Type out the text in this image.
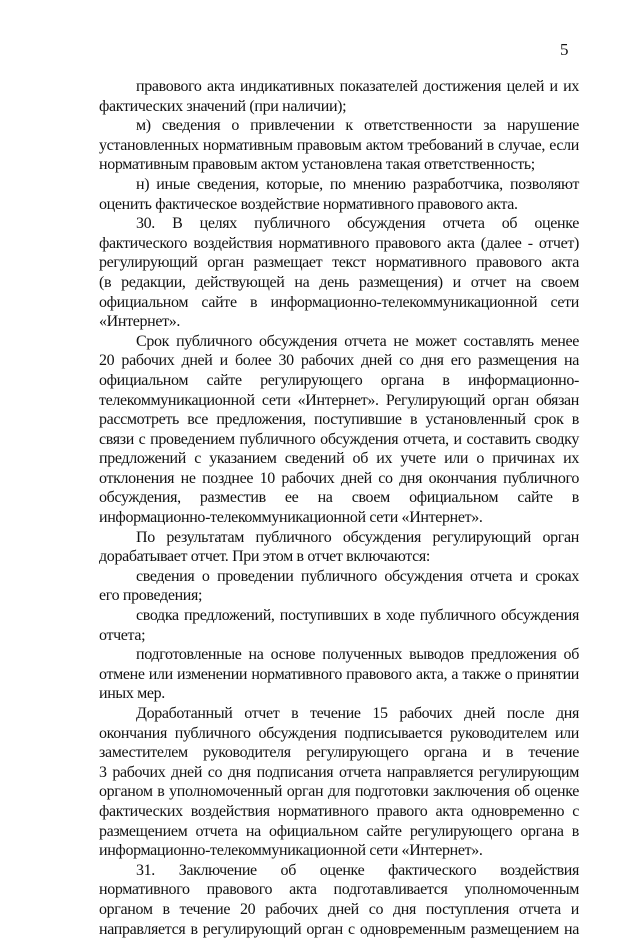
5
правового акта индикативных показателей достижения целей и их
фактических значений (при наличии);
м) сведения о привлечении к ответственности за нарушение
установленных нормативным правовым актом требований в случае, если
нормативным правовым актом установлена такая ответственность;
н) иные сведения, которые, по мнению разработчика, позволяют
оценить фактическое воздействие нормативного правового акта.
30. В целях публичного обсуждения отчета об оценке
фактического воздействия нормативного правового акта (далее - отчет)
регулирующий орган размещает текст нормативного правового акта
(в редакции, действующей на день размещения) и отчет на своем
официальном сайте в информационно-телекоммуникационной сети
«Интернет».
Срок публичного обсуждения отчета не может составлять менее
20 рабочих дней и более 30 рабочих дней со дня его размещения на
официальном сайте регулирующего органа в информационно-
телекоммуникационной сети «Интернет». Регулирующий орган обязан
рассмотреть все предложения, поступившие в установленный срок в
связи с проведением публичного обсуждения отчета, и составить сводку
предложений с указанием сведений об их учете или о причинах их
отклонения не позднее 10 рабочих дней со дня окончания публичного
обсуждения, разместив ее на своем официальном сайте в
информационно-телекоммуникационной сети «Интернет».
По результатам публичного обсуждения регулирующий орган
дорабатывает отчет. При этом в отчет включаются:
сведения о проведении публичного обсуждения отчета и сроках
его проведения;
сводка предложений, поступивших в ходе публичного обсуждения
отчета;
подготовленные на основе полученных выводов предложения об
отмене или изменении нормативного правового акта, а также о принятии
иных мер.
Доработанный отчет в течение 15 рабочих дней после дня
окончания публичного обсуждения подписывается руководителем или
заместителем руководителя регулирующего органа и в течение
3 рабочих дней со дня подписания отчета направляется регулирующим
органом в уполномоченный орган для подготовки заключения об оценке
фактических воздействия нормативного правого акта одновременно с
размещением отчета на официальном сайте регулирующего органа в
информационно-телекоммуникационной сети «Интернет».
31. Заключение об оценке фактического воздействия
нормативного правового акта подготавливается уполномоченным
органом в течение 20 рабочих дней со дня поступления отчета и
направляется в регулирующий орган с одновременным размещением на
